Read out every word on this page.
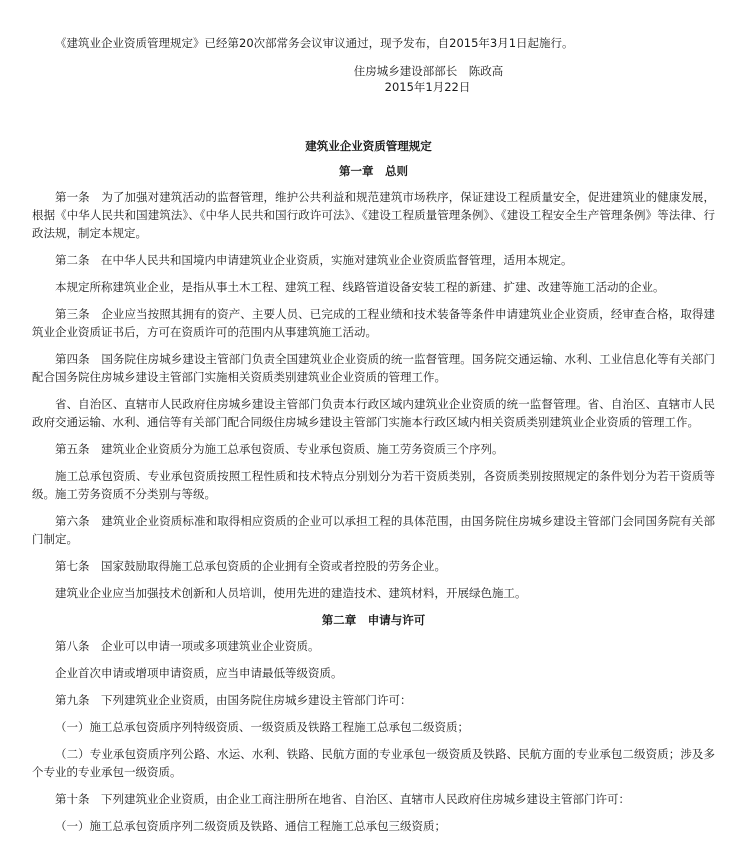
《建筑业企业资质管理规定》已经第20次部常务会议审议通过，现予发布，自2015年3月1日起施行。
住房城乡建设部部长　陈政高
2015年1月22日
建筑业企业资质管理规定
第一章　总则

第一条　为了加强对建筑活动的监督管理，维护公共利益和规范建筑市场秩序，保证建设工程质量安全，促进建筑业的健康发展，根据《中华人民共和国建筑法》、《中华人民共和国行政许可法》、《建设工程质量管理条例》、《建设工程安全生产管理条例》等法律、行政法规，制定本规定。

第二条　在中华人民共和国境内申请建筑业企业资质，实施对建筑业企业资质监督管理，适用本规定。

本规定所称建筑业企业，是指从事土木工程、建筑工程、线路管道设备安装工程的新建、扩建、改建等施工活动的企业。

第三条　企业应当按照其拥有的资产、主要人员、已完成的工程业绩和技术装备等条件申请建筑业企业资质，经审查合格，取得建筑业企业资质证书后，方可在资质许可的范围内从事建筑施工活动。

第四条　国务院住房城乡建设主管部门负责全国建筑业企业资质的统一监督管理。国务院交通运输、水利、工业信息化等有关部门配合国务院住房城乡建设主管部门实施相关资质类别建筑业企业资质的管理工作。

省、自治区、直辖市人民政府住房城乡建设主管部门负责本行政区域内建筑业企业资质的统一监督管理。省、自治区、直辖市人民政府交通运输、水利、通信等有关部门配合同级住房城乡建设主管部门实施本行政区域内相关资质类别建筑业企业资质的管理工作。

第五条　建筑业企业资质分为施工总承包资质、专业承包资质、施工劳务资质三个序列。

施工总承包资质、专业承包资质按照工程性质和技术特点分别划分为若干资质类别，各资质类别按照规定的条件划分为若干资质等级。施工劳务资质不分类别与等级。

第六条　建筑业企业资质标准和取得相应资质的企业可以承担工程的具体范围，由国务院住房城乡建设主管部门会同国务院有关部门制定。

第七条　国家鼓励取得施工总承包资质的企业拥有全资或者控股的劳务企业。

建筑业企业应当加强技术创新和人员培训，使用先进的建造技术、建筑材料，开展绿色施工。

第二章　申请与许可

第八条　企业可以申请一项或多项建筑业企业资质。

企业首次申请或增项申请资质，应当申请最低等级资质。

第九条　下列建筑业企业资质，由国务院住房城乡建设主管部门许可：

（一）施工总承包资质序列特级资质、一级资质及铁路工程施工总承包二级资质；

（二）专业承包资质序列公路、水运、水利、铁路、民航方面的专业承包一级资质及铁路、民航方面的专业承包二级资质；涉及多个专业的专业承包一级资质。

第十条　下列建筑业企业资质，由企业工商注册所在地省、自治区、直辖市人民政府住房城乡建设主管部门许可：

（一）施工总承包资质序列二级资质及铁路、通信工程施工总承包三级资质；
